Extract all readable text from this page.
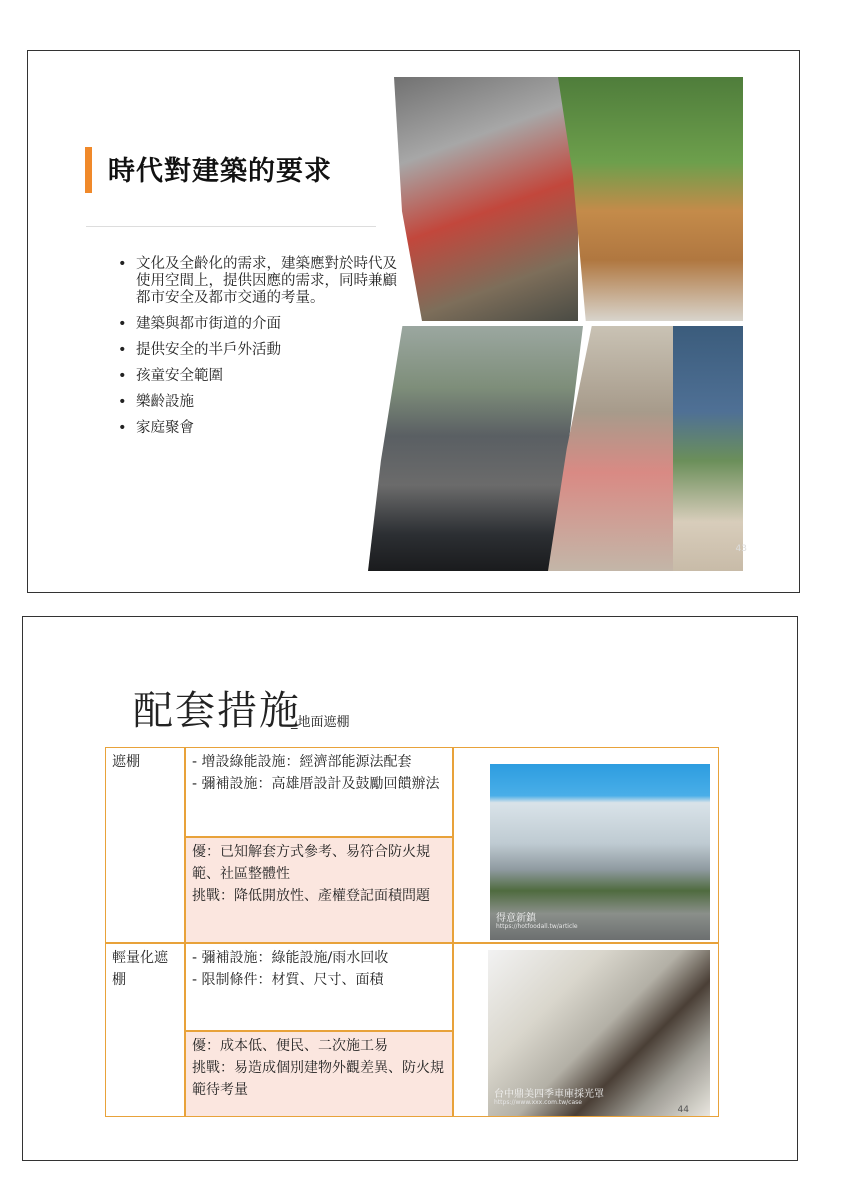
時代對建築的要求
• 文化及全齡化的需求，建築應對於時代及使用空間上，提供因應的需求，同時兼顧都市安全及都市交通的考量。
• 建築與都市街道的介面
• 提供安全的半戶外活動
• 孩童安全範圍
• 樂齡設施
• 家庭聚會
43
配套措施
_地面遮棚
遮棚	- 增設綠能設施：經濟部能源法配套
- 彌補設施：高雄厝設計及鼓勵回饋辦法
優：已知解套方式參考、易符合防火規範、社區整體性
挑戰：降低開放性、產權登記面積問題
得意新鎮
https://hotfoodall.tw/article
輕量化遮棚
- 彌補設施：綠能設施/雨水回收
- 限制條件：材質、尺寸、面積
優：成本低、便民、二次施工易
挑戰：易造成個別建物外觀差異、防火規範待考量	台中鼎美四季車庫採光罩
https://www.xxx.com.tw/case
44
